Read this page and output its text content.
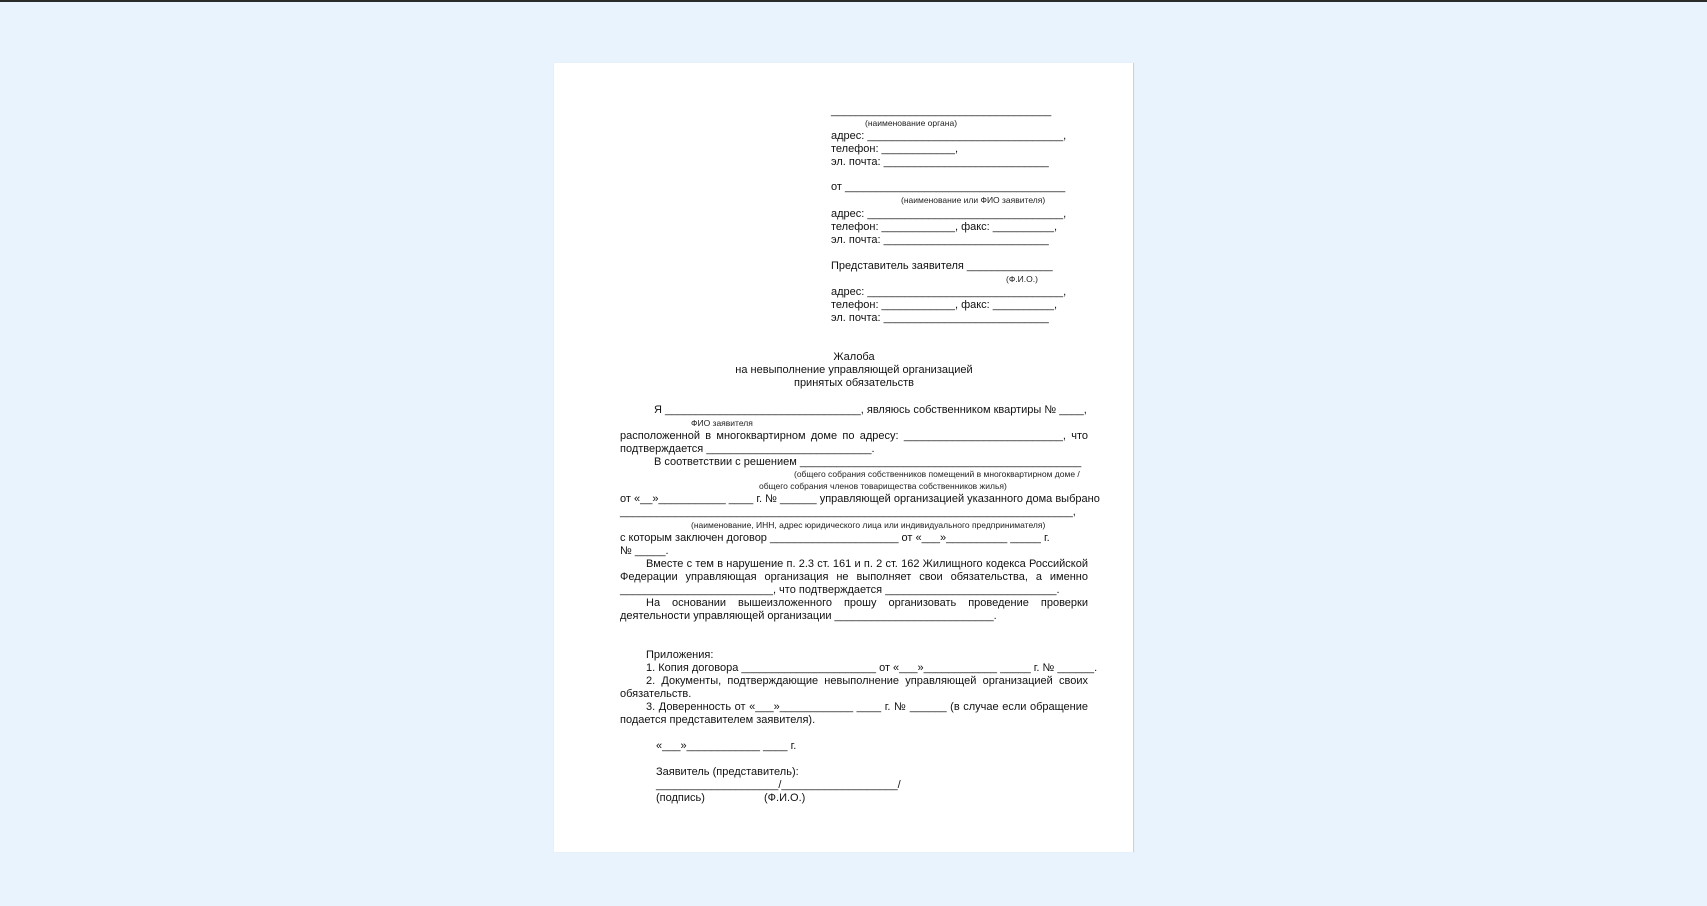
____________________________________
(наименование органа)
адрес: ________________________________,
телефон: ____________,
эл. почта: ___________________________
от ____________________________________
(наименование или ФИО заявителя)
адрес: ________________________________,
телефон: ____________, факс: __________,
эл. почта: ___________________________
Представитель заявителя ______________
(Ф.И.О.)
адрес: ________________________________,
телефон: ____________, факс: __________,
эл. почта: ___________________________
Жалоба
на невыполнение управляющей организацией
принятых обязательств
Я ________________________________, являюсь собственником квартиры № ____,
ФИО заявителя
расположенной в многоквартирном доме по адресу: __________________________, что
подтверждается ___________________________.
В соответствии с решением ______________________________________________
(общего собрания собственников помещений в многоквартирном доме /
общего собрания членов товарищества собственников жилья)
от «__»___________ ____ г. № ______ управляющей организацией указанного дома выбрано
__________________________________________________________________________,
(наименование, ИНН, адрес юридического лица или индивидуального предпринимателя)
с которым заключен договор _____________________ от «___»__________ _____ г.
№ _____.
Вместе с тем в нарушение п. 2.3 ст. 161 и п. 2 ст. 162 Жилищного кодекса Российской
Федерации управляющая организация не выполняет свои обязательства, а именно
_________________________, что подтверждается ____________________________.
На основании вышеизложенного прошу организовать проведение проверки
деятельности управляющей организации __________________________.
Приложения:
1. Копия договора ______________________ от «___»____________ _____ г. № ______.
2. Документы, подтверждающие невыполнение управляющей организацией своих
обязательств.
3. Доверенность от «___»____________ ____ г. № ______ (в случае если обращение
подается представителем заявителя).
«___»____________ ____ г.
Заявитель (представитель):
____________________/___________________/
(подпись)	(Ф.И.О.)
